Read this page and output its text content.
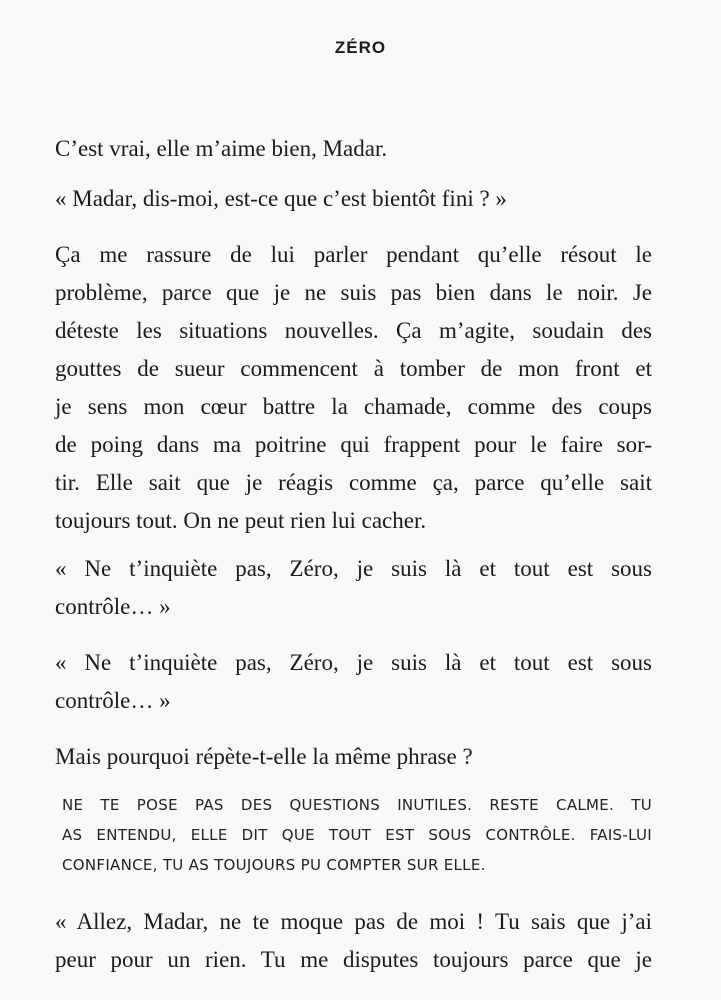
ZÉRO

C’est vrai, elle m’aime bien, Madar.

« Madar, dis-moi, est-ce que c’est bientôt fini ? »

Ça me rassure de lui parler pendant qu’elle résout le
problème, parce que je ne suis pas bien dans le noir. Je
déteste les situations nouvelles. Ça m’agite, soudain des
gouttes de sueur commencent à tomber de mon front et
je sens mon cœur battre la chamade, comme des coups
de poing dans ma poitrine qui frappent pour le faire sor-
tir. Elle sait que je réagis comme ça, parce qu’elle sait
toujours tout. On ne peut rien lui cacher.
« Ne t’inquiète pas, Zéro, je suis là et tout est sous
contrôle… »
« Ne t’inquiète pas, Zéro, je suis là et tout est sous
contrôle… »

Mais pourquoi répète-t-elle la même phrase ?

NE TE POSE PAS DES QUESTIONS INUTILES. RESTE CALME. TU
AS ENTENDU, ELLE DIT QUE TOUT EST SOUS CONTRÔLE. FAIS-LUI
CONFIANCE, TU AS TOUJOURS PU COMPTER SUR ELLE.
« Allez, Madar, ne te moque pas de moi ! Tu sais que j’ai
peur pour un rien. Tu me disputes toujours parce que je
